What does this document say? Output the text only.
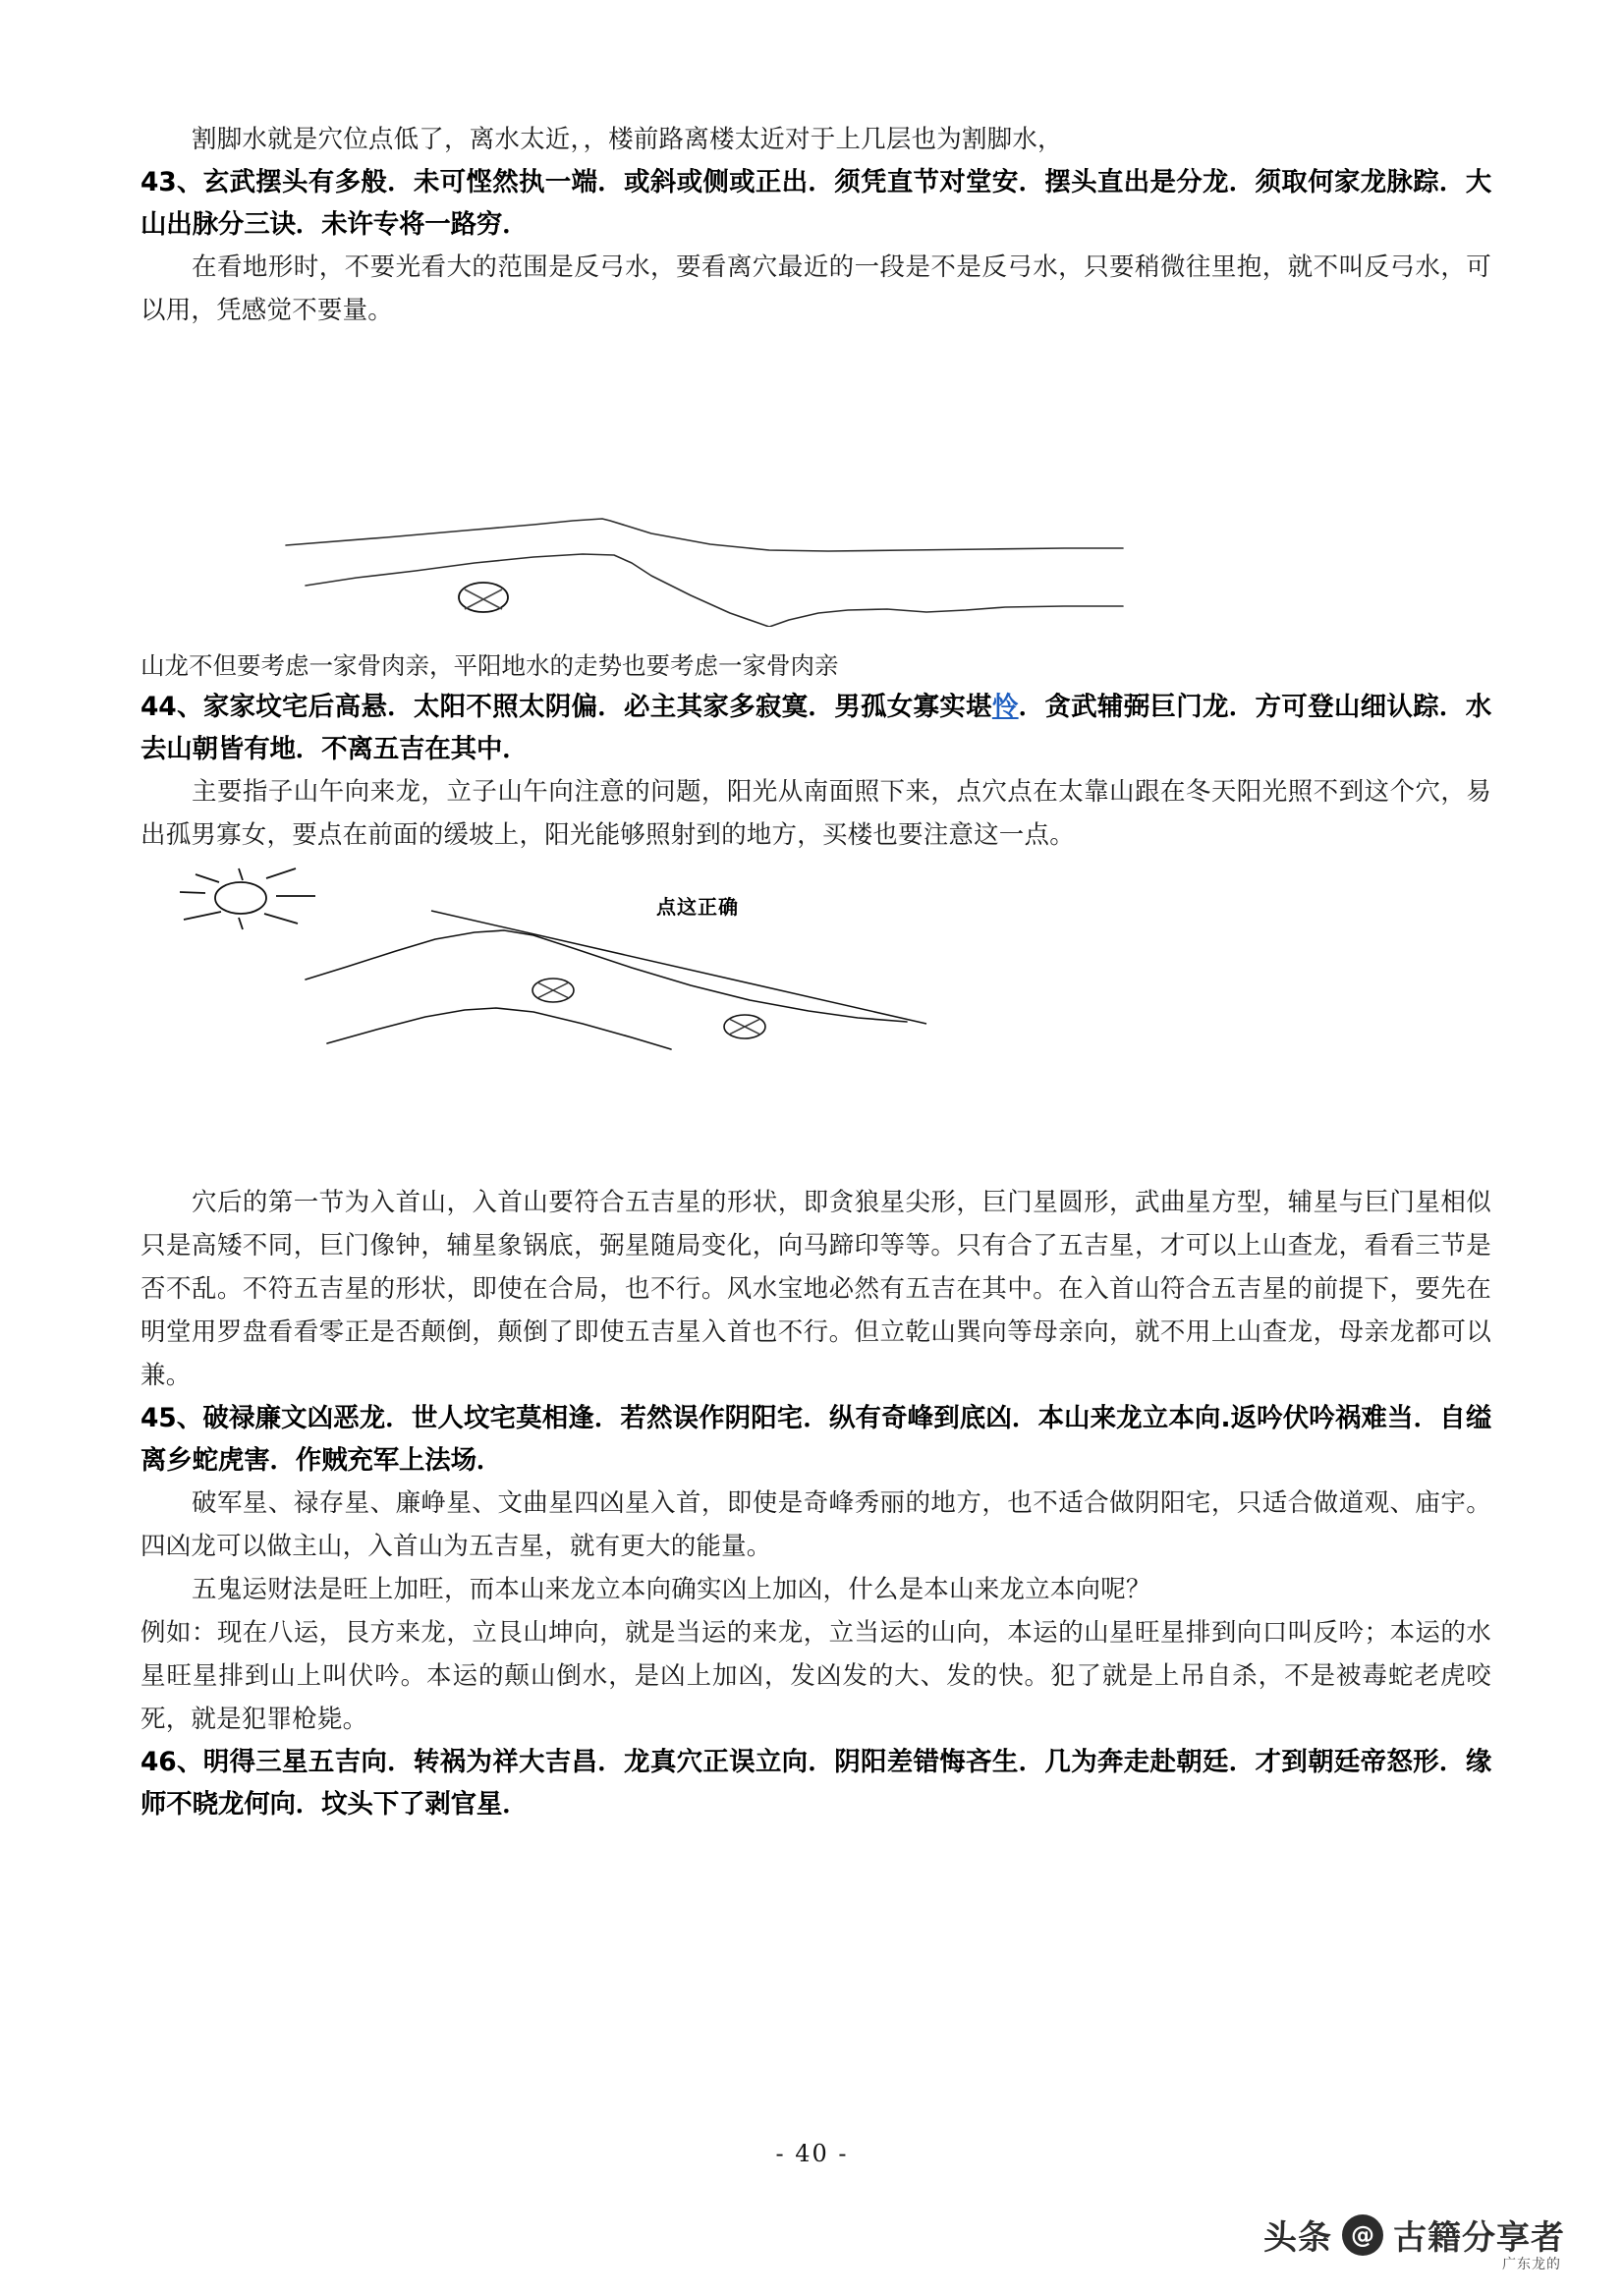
割脚水就是穴位点低了，离水太近，，楼前路离楼太近对于上几层也为割脚水，

43、玄武摆头有多般．未可悭然执一端．或斜或侧或正出．须凭直节对堂安．摆头直出是分龙．须取何家龙脉踪．大山出脉分三诀．未许专将一路穷．

在看地形时，不要光看大的范围是反弓水，要看离穴最近的一段是不是反弓水，只要稍微往里抱，就不叫反弓水，可以用，凭感觉不要量。

山龙不但要考虑一家骨肉亲，平阳地水的走势也要考虑一家骨肉亲

44、家家坟宅后高悬．太阳不照太阴偏．必主其家多寂寞．男孤女寡实堪怜．贪武辅弼巨门龙．方可登山细认踪．水去山朝皆有地．不离五吉在其中．

主要指子山午向来龙，立子山午向注意的问题，阳光从南面照下来，点穴点在太靠山跟在冬天阳光照不到这个穴，易出孤男寡女，要点在前面的缓坡上，阳光能够照射到的地方，买楼也要注意这一点。

点这正确

穴后的第一节为入首山，入首山要符合五吉星的形状，即贪狼星尖形，巨门星圆形，武曲星方型，辅星与巨门星相似只是高矮不同，巨门像钟，辅星象锅底，弼星随局变化，向马蹄印等等。只有合了五吉星，才可以上山查龙，看看三节是否不乱。不符五吉星的形状，即使在合局，也不行。风水宝地必然有五吉在其中。在入首山符合五吉星的前提下，要先在明堂用罗盘看看零正是否颠倒，颠倒了即使五吉星入首也不行。但立乾山巽向等母亲向，就不用上山查龙，母亲龙都可以兼。

45、破禄廉文凶恶龙．世人坟宅莫相逢．若然误作阴阳宅．纵有奇峰到底凶．本山来龙立本向.返吟伏吟祸难当．自缢离乡蛇虎害．作贼充军上法场．

破军星、禄存星、廉峥星、文曲星四凶星入首，即使是奇峰秀丽的地方，也不适合做阴阳宅，只适合做道观、庙宇。四凶龙可以做主山，入首山为五吉星，就有更大的能量。

五鬼运财法是旺上加旺，而本山来龙立本向确实凶上加凶，什么是本山来龙立本向呢？

例如：现在八运，艮方来龙，立艮山坤向，就是当运的来龙，立当运的山向，本运的山星旺星排到向口叫反吟；本运的水星旺星排到山上叫伏吟。本运的颠山倒水，是凶上加凶，发凶发的大、发的快。犯了就是上吊自杀，不是被毒蛇老虎咬死，就是犯罪枪毙。

46、明得三星五吉向．转祸为祥大吉昌．龙真穴正误立向．阴阳差错悔吝生．几为奔走赴朝廷．才到朝廷帝怒形．缘师不晓龙何向．坟头下了剥官星．

- 40 -
头条 @ 古籍分享者
广东龙的
